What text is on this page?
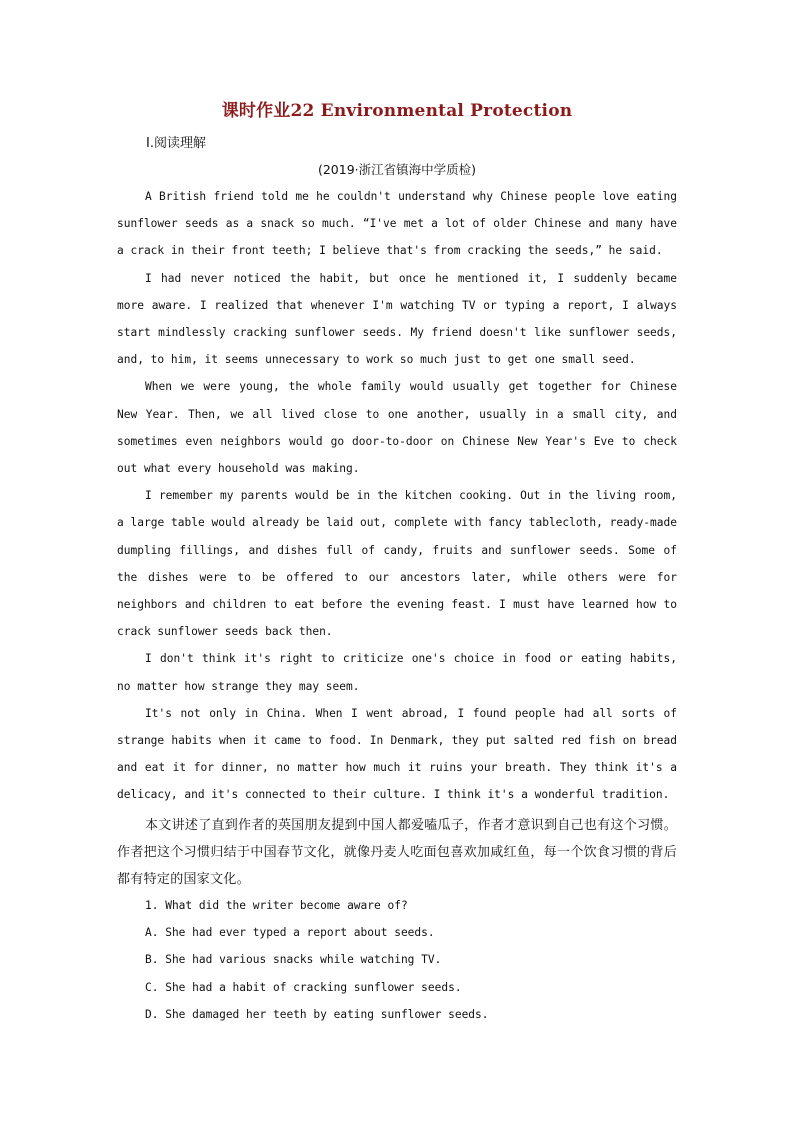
课时作业22 Environmental Protection
Ⅰ.阅读理解
(2019·浙江省镇海中学质检)

A British friend told me he couldn't understand why Chinese people love eating sunflower seeds as a snack so much. “I've met a lot of older Chinese and many have a crack in their front teeth; I believe that's from cracking the seeds,” he said.

I had never noticed the habit, but once he mentioned it, I suddenly became more aware. I realized that whenever I'm watching TV or typing a report, I always start mindlessly cracking sunflower seeds. My friend doesn't like sunflower seeds, and, to him, it seems unnecessary to work so much just to get one small seed.

When we were young, the whole family would usually get together for Chinese New Year. Then, we all lived close to one another, usually in a small city, and sometimes even neighbors would go door-to-door on Chinese New Year's Eve to check out what every household was making.

I remember my parents would be in the kitchen cooking. Out in the living room, a large table would already be laid out, complete with fancy tablecloth, ready-made dumpling fillings, and dishes full of candy, fruits and sunflower seeds. Some of the dishes were to be offered to our ancestors later, while others were for neighbors and children to eat before the evening feast. I must have learned how to crack sunflower seeds back then.

I don't think it's right to criticize one's choice in food or eating habits, no matter how strange they may seem.

It's not only in China. When I went abroad, I found people had all sorts of strange habits when it came to food. In Denmark, they put salted red fish on bread and eat it for dinner, no matter how much it ruins your breath. They think it's a delicacy, and it's connected to their culture. I think it's a wonderful tradition.

本文讲述了直到作者的英国朋友提到中国人都爱嗑瓜子，作者才意识到自己也有这个习惯。作者把这个习惯归结于中国春节文化，就像丹麦人吃面包喜欢加咸红鱼，每一个饮食习惯的背后都有特定的国家文化。
1. What did the writer become aware of?
A. She had ever typed a report about seeds.
B. She had various snacks while watching TV.
C. She had a habit of cracking sunflower seeds.
D. She damaged her teeth by eating sunflower seeds.
